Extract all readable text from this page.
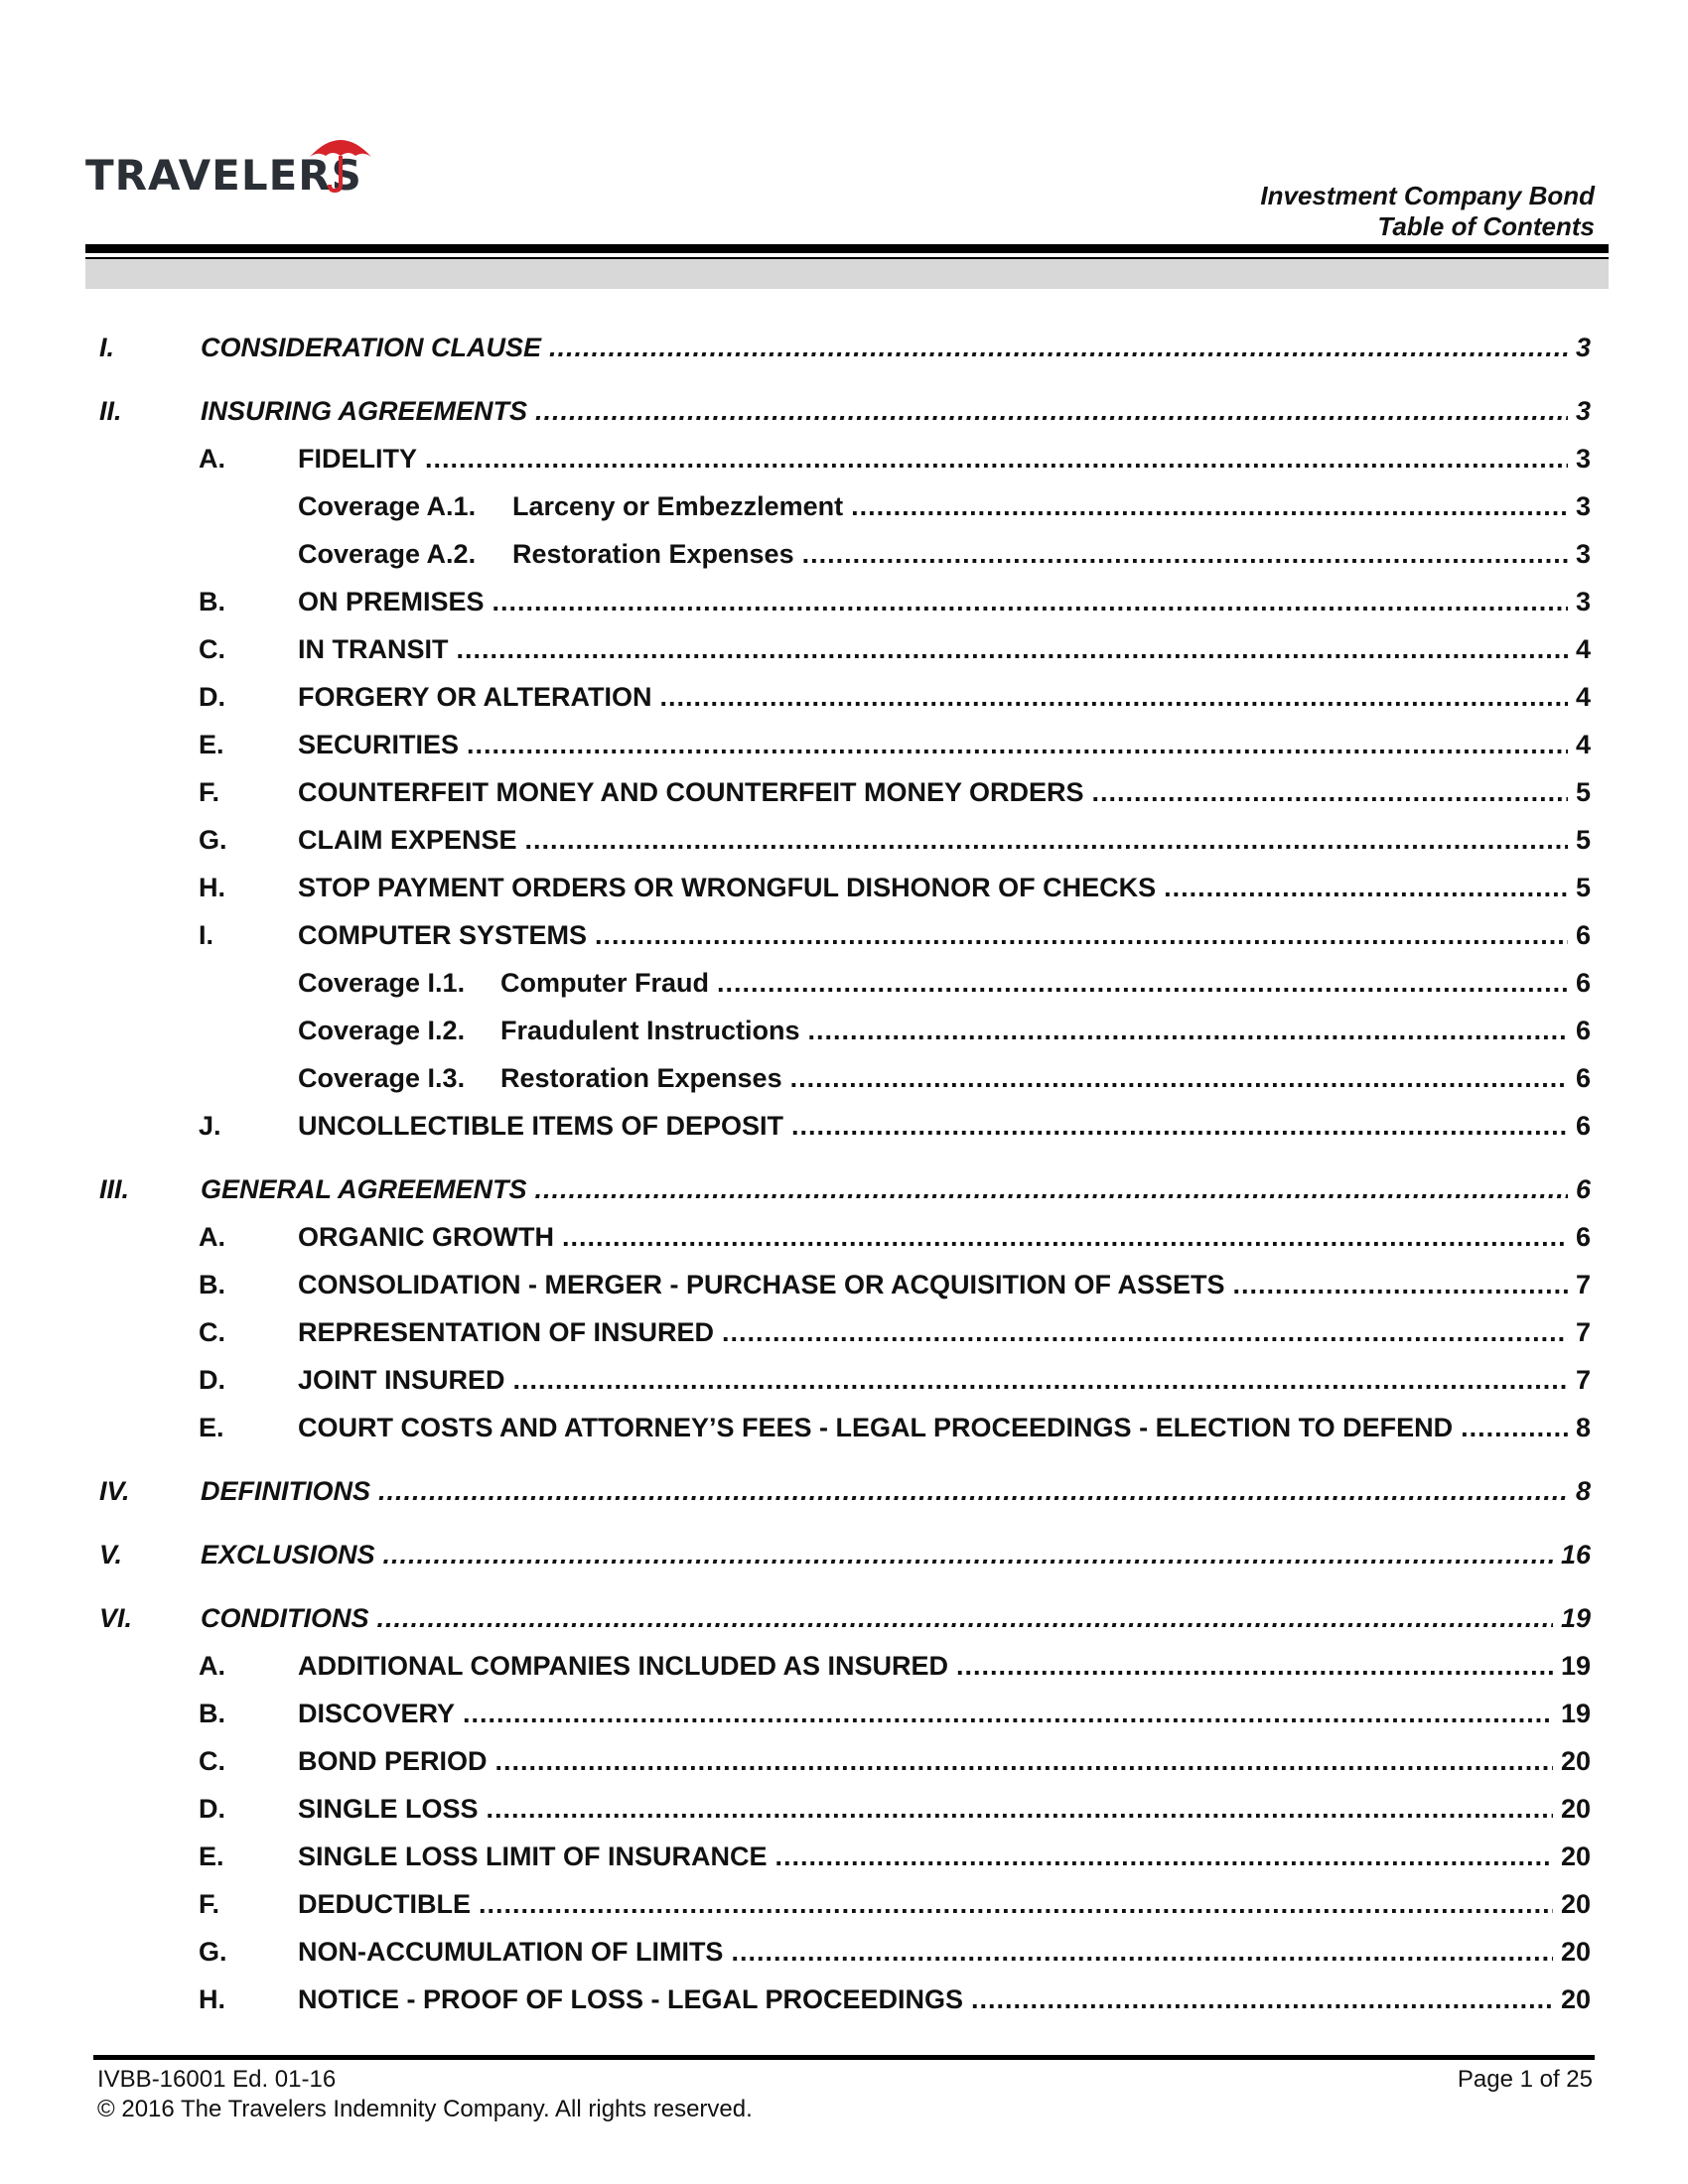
TRAVELERS	Investment Company Bond
Table of Contents
I.	CONSIDERATION CLAUSE .....	3
II.	INSURING AGREEMENTS .....	3
A.	FIDELITY .....	3
Coverage A.1.	Larceny or Embezzlement .....	3
Coverage A.2.	Restoration Expenses .....	3
B.	ON PREMISES .....	3
C.	IN TRANSIT .....	4
D.	FORGERY OR ALTERATION .....	4
E.	SECURITIES .....	4
F.	COUNTERFEIT MONEY AND COUNTERFEIT MONEY ORDERS .....	5
G.	CLAIM EXPENSE .....	5
H.	STOP PAYMENT ORDERS OR WRONGFUL DISHONOR OF CHECKS .....	5
I.	COMPUTER SYSTEMS .....	6
Coverage I.1.	Computer Fraud .....	6
Coverage I.2.	Fraudulent Instructions .....	6
Coverage I.3.	Restoration Expenses .....	6
J.	UNCOLLECTIBLE ITEMS OF DEPOSIT .....	6
III.	GENERAL AGREEMENTS .....	6
A.	ORGANIC GROWTH .....	6
B.	CONSOLIDATION - MERGER - PURCHASE OR ACQUISITION OF ASSETS .....	7
C.	REPRESENTATION OF INSURED .....	7
D.	JOINT INSURED .....	7
E.	COURT COSTS AND ATTORNEY’S FEES - LEGAL PROCEEDINGS - ELECTION TO DEFEND .....	8
IV.	DEFINITIONS .....	8
V.	EXCLUSIONS .....	16
VI.	CONDITIONS .....	19
A.	ADDITIONAL COMPANIES INCLUDED AS INSURED .....	19
B.	DISCOVERY .....	19
C.	BOND PERIOD .....	20
D.	SINGLE LOSS .....	20
E.	SINGLE LOSS LIMIT OF INSURANCE .....	20
F.	DEDUCTIBLE .....	20
G.	NON-ACCUMULATION OF LIMITS .....	20
H.	NOTICE - PROOF OF LOSS - LEGAL PROCEEDINGS .....	20
IVBB-16001 Ed. 01-16
© 2016 The Travelers Indemnity Company. All rights reserved.
Page 1 of 25
